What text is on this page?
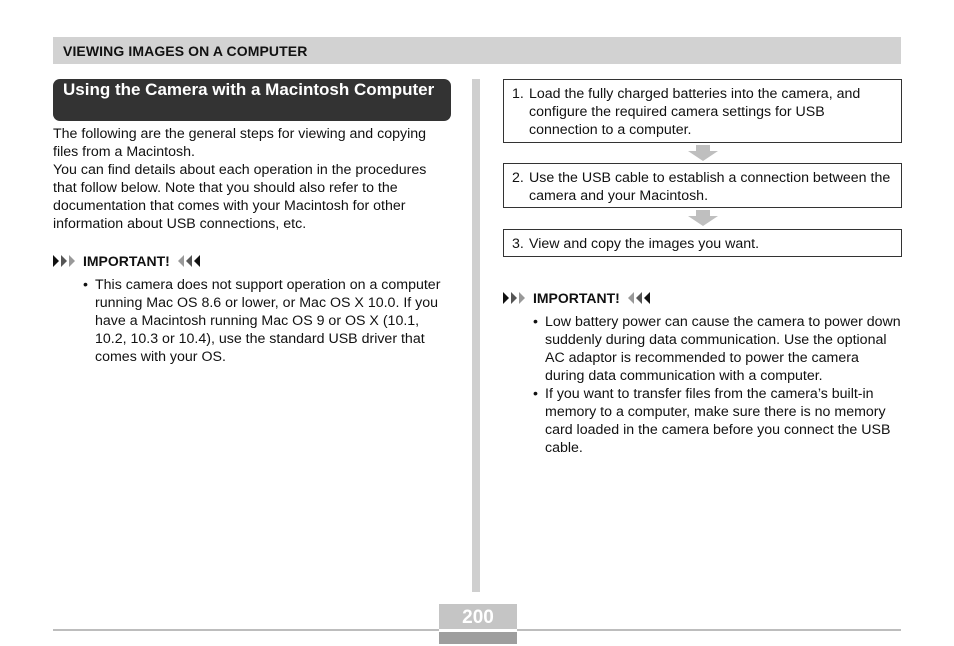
VIEWING IMAGES ON A COMPUTER
Using the Camera with a Macintosh Computer

The following are the general steps for viewing and copying files from a Macintosh.

You can find details about each operation in the procedures that follow below. Note that you should also refer to the documentation that comes with your Macintosh for other information about USB connections, etc.

IMPORTANT!
• This camera does not support operation on a computer running Mac OS 8.6 or lower, or Mac OS X 10.0. If you have a Macintosh running Mac OS 9 or OS X (10.1, 10.2, 10.3 or 10.4), use the standard USB driver that comes with your OS.
1. Load the fully charged batteries into the camera, and configure the required camera settings for USB connection to a computer.
2. Use the USB cable to establish a connection between the camera and your Macintosh.
3. View and copy the images you want.
IMPORTANT!
• Low battery power can cause the camera to power down suddenly during data communication. Use the optional AC adaptor is recommended to power the camera during data communication with a computer.
• If you want to transfer files from the camera’s built-in memory to a computer, make sure there is no memory card loaded in the camera before you connect the USB cable.
200
